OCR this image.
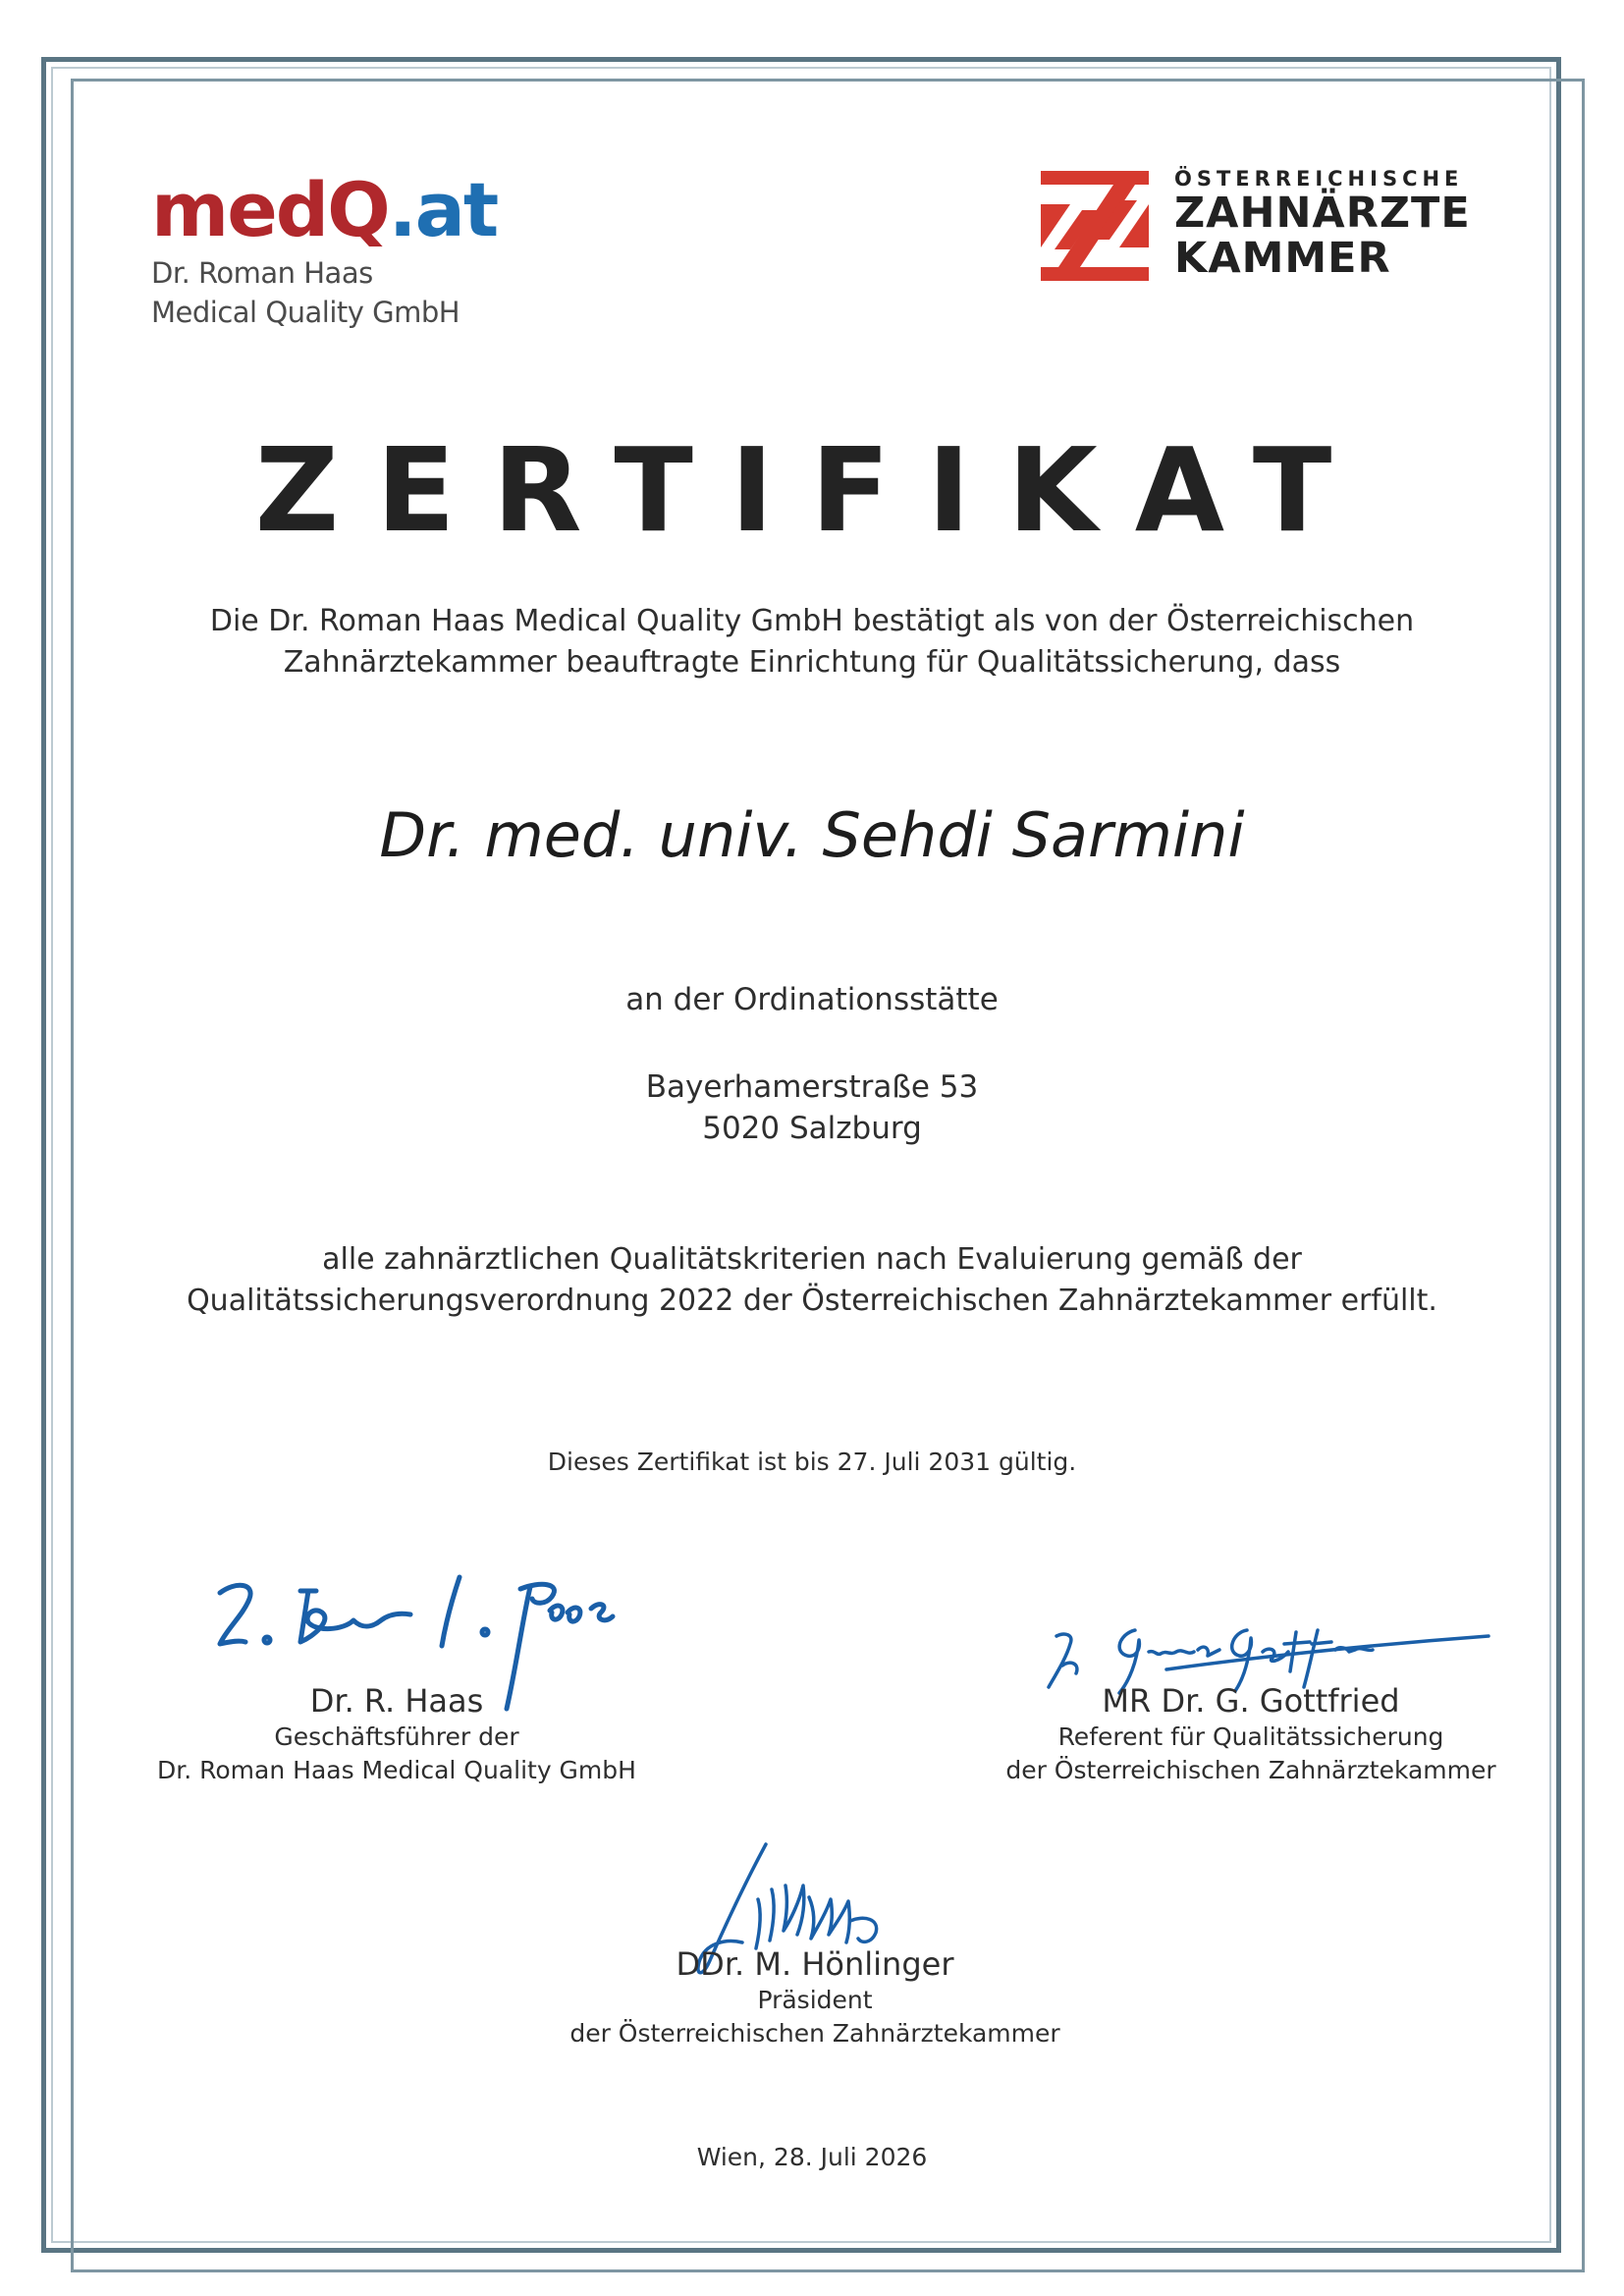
medQ.at
Dr. Roman Haas
Medical Quality GmbH
ÖSTERREICHISCHE
ZAHNÄRZTE
KAMMER
ZERTIFIKAT
Die Dr. Roman Haas Medical Quality GmbH bestätigt als von der Österreichischen
Zahnärztekammer beauftragte Einrichtung für Qualitätssicherung, dass
Dr. med. univ. Sehdi Sarmini
an der Ordinationsstätte
Bayerhamerstraße 53
5020 Salzburg
alle zahnärztlichen Qualitätskriterien nach Evaluierung gemäß der
Qualitätssicherungsverordnung 2022 der Österreichischen Zahnärztekammer erfüllt.
Dieses Zertifikat ist bis 27. Juli 2031 gültig.
Dr. R. Haas
Geschäftsführer der
Dr. Roman Haas Medical Quality GmbH
MR Dr. G. Gottfried
Referent für Qualitätssicherung
der Österreichischen Zahnärztekammer
DDr. M. Hönlinger
Präsident
der Österreichischen Zahnärztekammer
Wien, 28. Juli 2026
